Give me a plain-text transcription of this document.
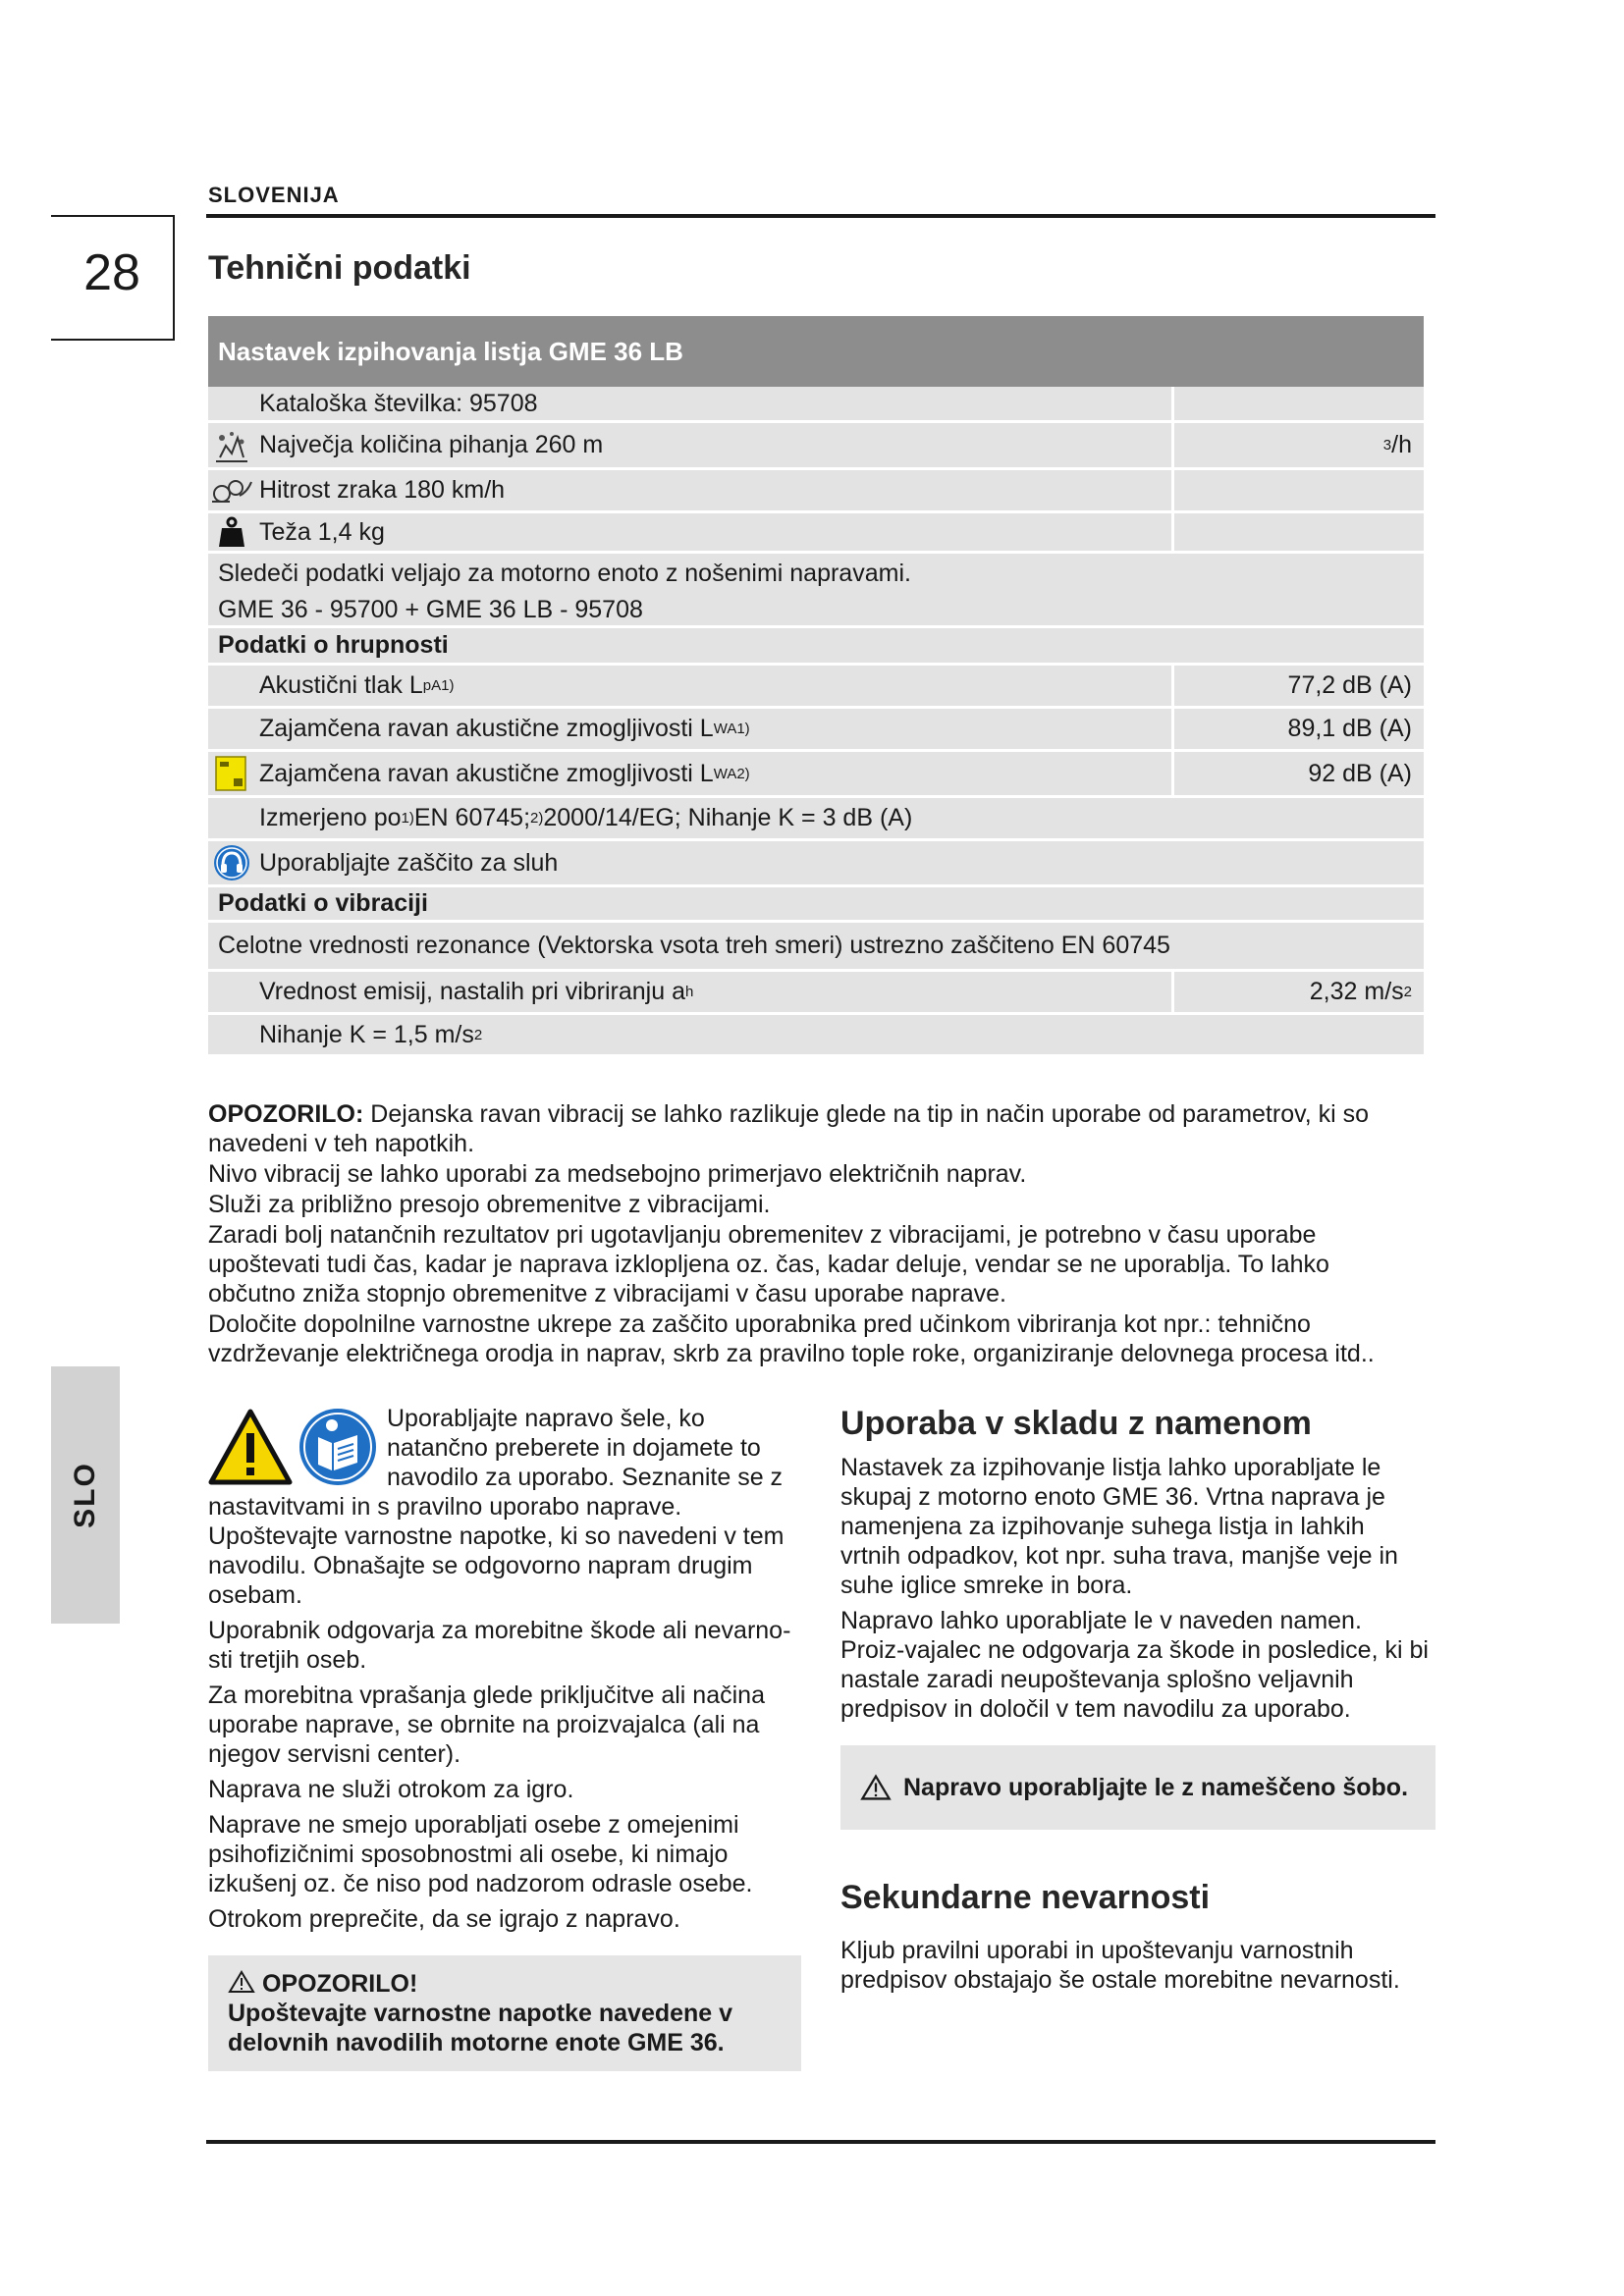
SLOVENIJA
28	Tehnični podatki
Nastavek izpihovanja listja GME 36 LB
Kataloška številka: 95708
Največja količina pihanja 260 m	3 /h
Hitrost zraka 180 km/h
Teža 1,4 kg
Sledeči podatki veljajo za motorno enoto z nošenimi napravami.
GME 36 - 95700 + GME 36 LB - 95708
Podatki o hrupnosti
Akustični tlak L pA 1)	77,2 dB (A)
Zajamčena ravan akustične zmogljivosti L WA 1)	89,1 dB (A)
Zajamčena ravan akustične zmogljivosti L WA 2)	92 dB (A)
Izmerjeno po 1) EN 60745; 2) 2000/14/EG; Nihanje K = 3 dB (A)
Uporabljajte zaščito za sluh
Podatki o vibraciji
Celotne vrednosti rezonance (Vektorska vsota treh smeri) ustrezno zaščiteno EN 60745
Vrednost emisij, nastalih pri vibriranju a h	2,32 m/s 2
Nihanje K = 1,5 m/s 2

OPOZORILO: Dejanska ravan vibracij se lahko razlikuje glede na tip in način uporabe od parametrov, ki so navedeni v teh napotkih.

Nivo vibracij se lahko uporabi za medsebojno primerjavo električnih naprav.

Služi za približno presojo obremenitve z vibracijami.

Zaradi bolj natančnih rezultatov pri ugotavljanju obremenitev z vibracijami, je potrebno v času uporabe upoštevati tudi čas, kadar je naprava izklopljena oz. čas, kadar deluje, vendar se ne uporablja. To lahko občutno zniža stopnjo obremenitve z vibracijami v času uporabe naprave.

Določite dopolnilne varnostne ukrepe za zaščito uporabnika pred učinkom vibriranja kot npr.: tehnično vzdrževanje električnega orodja in naprav, skrb za pravilno tople roke, organiziranje delovnega procesa itd..

SLO

Uporabljajte napravo šele, ko natančno preberete in dojamete to navodilo za uporabo. Seznanite se z nastavitvami in s pravilno uporabo naprave. Upoštevajte varnostne napotke, ki so navedeni v tem navodilu. Obnašajte se odgovorno napram drugim osebam.

Uporabnik odgovarja za morebitne škode ali nevarno-sti tretjih oseb.

Za morebitna vprašanja glede priključitve ali načina uporabe naprave, se obrnite na proizvajalca (ali na njegov servisni center).

Naprava ne služi otrokom za igro.

Naprave ne smejo uporabljati osebe z omejenimi psihofizičnimi sposobnostmi ali osebe, ki nimajo izkušenj oz. če niso pod nadzorom odrasle osebe.

Otrokom preprečite, da se igrajo z napravo.

OPOZORILO!
Upoštevajte varnostne napotke navedene v delovnih navodilih motorne enote GME 36.
Uporaba v skladu z namenom

Nastavek za izpihovanje listja lahko uporabljate le skupaj z motorno enoto GME 36. Vrtna naprava je namenjena za izpihovanje suhega listja in lahkih vrtnih odpadkov, kot npr. suha trava, manjše veje in suhe iglice smreke in bora.

Napravo lahko uporabljate le v naveden namen. Proiz-vajalec ne odgovarja za škode in posledice, ki bi nastale zaradi neupoštevanja splošno veljavnih predpisov in določil v tem navodilu za uporabo.

Napravo uporabljajte le z nameščeno šobo.
Sekundarne nevarnosti
Kljub pravilni uporabi in upoštevanju varnostnih predpisov obstajajo še ostale morebitne nevarnosti.
